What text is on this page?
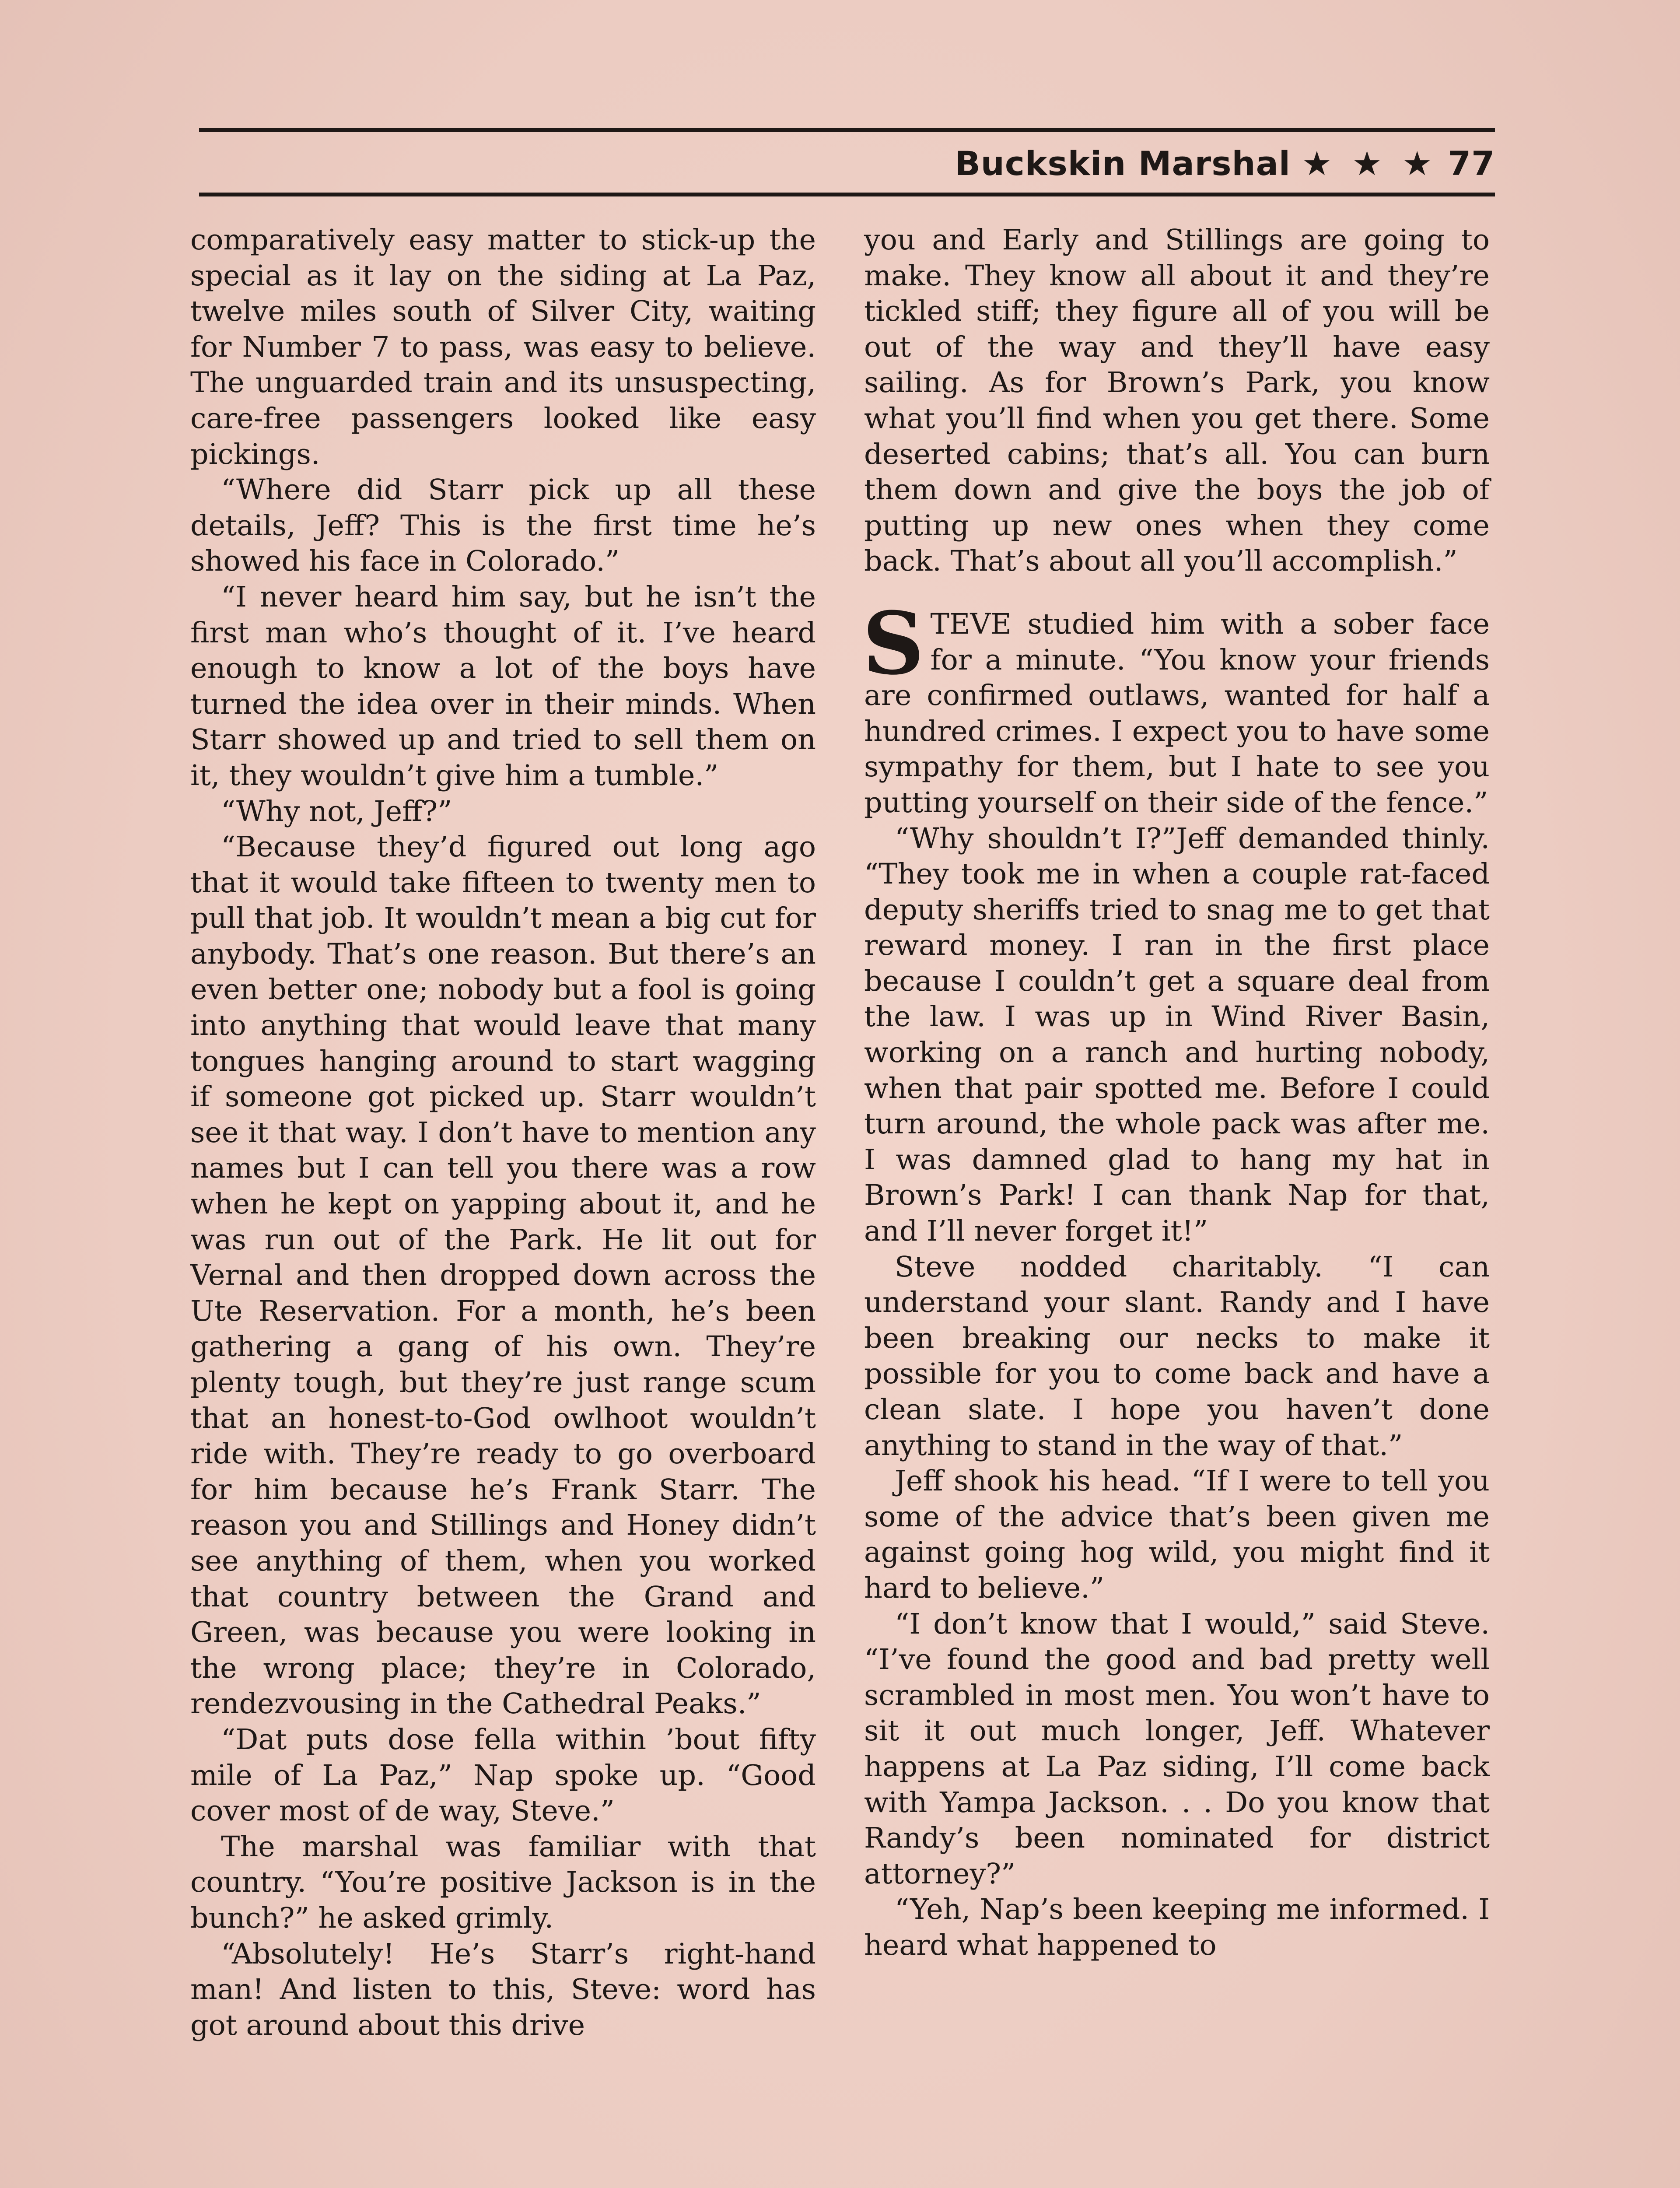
Buckskin Marshal ★ ★ ★ 77

comparatively easy matter to stick-up the special as it lay on the siding at La Paz, twelve miles south of Silver City, waiting for Number 7 to pass, was easy to believe. The unguarded train and its unsuspecting, care-free passengers looked like easy pickings.

“Where did Starr pick up all these details, Jeff? This is the first time he’s showed his face in Colorado.”

“I never heard him say, but he isn’t the first man who’s thought of it. I’ve heard enough to know a lot of the boys have turned the idea over in their minds. When Starr showed up and tried to sell them on it, they wouldn’t give him a tumble.”

“Why not, Jeff?”

“Because they’d figured out long ago that it would take fifteen to twenty men to pull that job. It wouldn’t mean a big cut for anybody. That’s one reason. But there’s an even better one; nobody but a fool is going into anything that would leave that many tongues hanging around to start wagging if someone got picked up. Starr wouldn’t see it that way. I don’t have to mention any names but I can tell you there was a row when he kept on yapping about it, and he was run out of the Park. He lit out for Vernal and then dropped down across the Ute Reservation. For a month, he’s been gathering a gang of his own. They’re plenty tough, but they’re just range scum that an honest-to-God owlhoot wouldn’t ride with. They’re ready to go overboard for him because he’s Frank Starr. The reason you and Stillings and Honey didn’t see anything of them, when you worked that country between the Grand and Green, was because you were looking in the wrong place; they’re in Colorado, rendezvousing in the Cathedral Peaks.”

“Dat puts dose fella within ’bout fifty mile of La Paz,” Nap spoke up. “Good cover most of de way, Steve.”

The marshal was familiar with that country. “You’re positive Jackson is in the bunch?” he asked grimly.

“Absolutely! He’s Starr’s right-hand man! And listen to this, Steve: word has got around about this drive

you and Early and Stillings are going to make. They know all about it and they’re tickled stiff; they figure all of you will be out of the way and they’ll have easy sailing. As for Brown’s Park, you know what you’ll find when you get there. Some deserted cabins; that’s all. You can burn them down and give the boys the job of putting up new ones when they come back. That’s about all you’ll accomplish.”

STEVE studied him with a sober face for a minute. “You know your friends are confirmed outlaws, wanted for half a hundred crimes. I expect you to have some sympathy for them, but I hate to see you putting yourself on their side of the fence.”

“Why shouldn’t I?”Jeff demanded thinly. “They took me in when a couple rat-faced deputy sheriffs tried to snag me to get that reward money. I ran in the first place because I couldn’t get a square deal from the law. I was up in Wind River Basin, working on a ranch and hurting nobody, when that pair spotted me. Before I could turn around, the whole pack was after me. I was damned glad to hang my hat in Brown’s Park! I can thank Nap for that, and I’ll never forget it!”

Steve nodded charitably. “I can understand your slant. Randy and I have been breaking our necks to make it possible for you to come back and have a clean slate. I hope you haven’t done anything to stand in the way of that.”

Jeff shook his head. “If I were to tell you some of the advice that’s been given me against going hog wild, you might find it hard to believe.”

“I don’t know that I would,” said Steve. “I’ve found the good and bad pretty well scrambled in most men. You won’t have to sit it out much longer, Jeff. Whatever happens at La Paz siding, I’ll come back with Yampa Jackson. . . Do you know that Randy’s been nominated for district attorney?”

“Yeh, Nap’s been keeping me informed. I heard what happened to
